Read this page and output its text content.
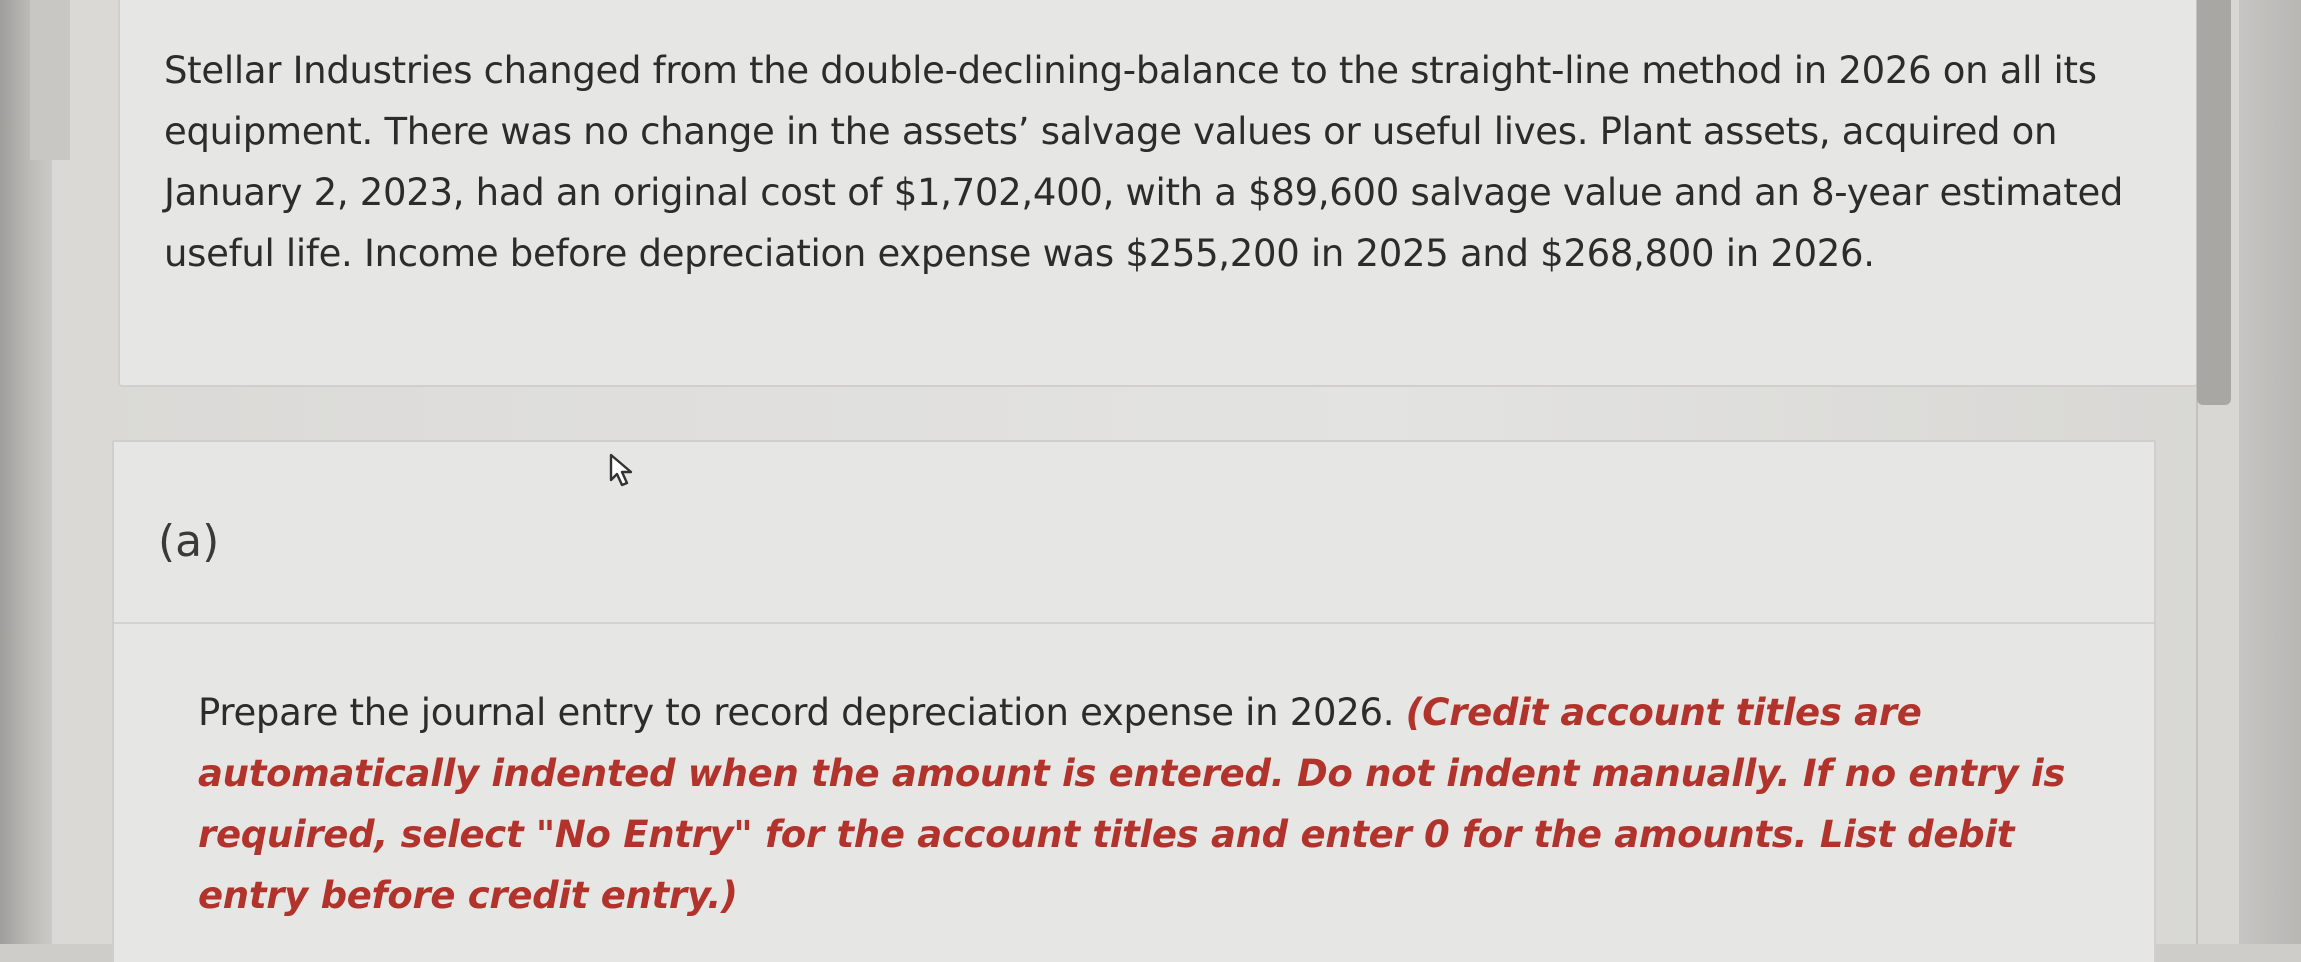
Stellar Industries changed from the double-declining-balance to the straight-line method in 2026 on all its equipment. There was no change in the assets’ salvage values or useful lives. Plant assets, acquired on January 2, 2023, had an original cost of $1,702,400, with a $89,600 salvage value and an 8-year estimated useful life. Income before depreciation expense was $255,200 in 2025 and $268,800 in 2026.
(a)
Prepare the journal entry to record depreciation expense in 2026. (Credit account titles are automatically indented when the amount is entered. Do not indent manually. If no entry is required, select "No Entry" for the account titles and enter 0 for the amounts. List debit entry before credit entry.)
